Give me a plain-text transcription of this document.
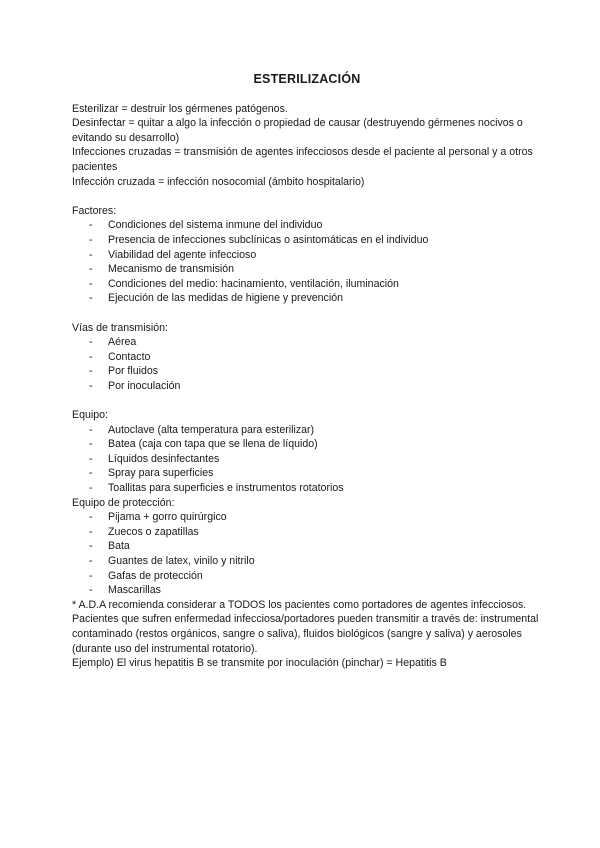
ESTERILIZACIÓN

Esterilizar = destruir los gérmenes patógenos.

Desinfectar = quitar a algo la infección o propiedad de causar (destruyendo gérmenes nocivos o evitando su desarrollo)

Infecciones cruzadas = transmisión de agentes infecciosos desde el paciente al personal y a otros pacientes

Infección cruzada = infección nosocomial (ámbito hospitalario)

Factores:

- Condiciones del sistema inmune del individuo
- Presencia de infecciones subclínicas o asintomáticas en el individuo
- Viabilidad del agente infeccioso
- Mecanismo de transmisión
- Condiciones del medio: hacinamiento, ventilación, iluminación
- Ejecución de las medidas de higiene y prevención

Vías de transmisión:

- Aérea
- Contacto
- Por fluidos
- Por inoculación

Equipo:

- Autoclave (alta temperatura para esterilizar)
- Batea (caja con tapa que se llena de líquido)
- Líquidos desinfectantes
- Spray para superficies
- Toallitas para superficies e instrumentos rotatorios

Equipo de protección:

- Pijama + gorro quirúrgico
- Zuecos o zapatillas
- Bata
- Guantes de latex, vinilo y nitrilo
- Gafas de protección
- Mascarillas

* A.D.A recomienda considerar a TODOS los pacientes como portadores de agentes infecciosos.

Pacientes que sufren enfermedad infecciosa/portadores pueden transmitir a través de: instrumental contaminado (restos orgánicos, sangre o saliva), fluidos biológicos (sangre y saliva) y aerosoles (durante uso del instrumental rotatorio).

Ejemplo) El virus hepatitis B se transmite por inoculación (pinchar) = Hepatitis B
